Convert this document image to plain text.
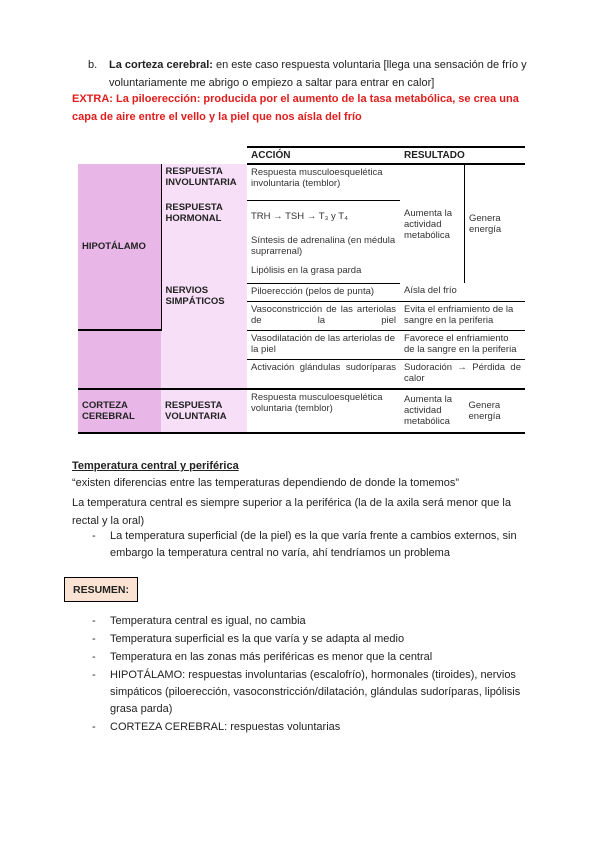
b. La corteza cerebral: en este caso respuesta voluntaria [llega una sensación de frío y voluntariamente me abrigo o empiezo a saltar para entrar en calor]
EXTRA: La piloerección: producida por el aumento de la tasa metabólica, se crea una capa de aire entre el vello y la piel que nos aísla del frío
		ACCIÓN	RESULTADO	
HIPOTÁLAMO	RESPUESTA INVOLUNTARIA	Respuesta musculoesquelética involuntaria (temblor)	Aumenta la actividad metabólica	Genera energía
	RESPUESTA HORMONAL	TRH → TSH → T₃ y T₄		
		Síntesis de adrenalina (en médula suprarrenal)		
	NERVIOS SIMPÁTICOS	Lipólisis en la grasa parda		
		Piloerección (pelos de punta)	Aísla del frío	
		Vasoconstricción de las arteriolas de la piel	Evita el enfriamiento de la sangre en la periferia	
		Vasodilatación de las arteriolas de la piel	Favorece el enfriamiento de la sangre en la periferia	
		Activación glándulas sudoríparas	Sudoración → Pérdida de calor	
CORTEZA CEREBRAL	RESPUESTA VOLUNTARIA	Respuesta musculoesquelética voluntaria (temblor)	Aumenta la actividad metabólica	Genera energía
Temperatura central y periférica
“existen diferencias entre las temperaturas dependiendo de donde la tomemos”
La temperatura central es siempre superior a la periférica (la de la axila será menor que la rectal y la oral)
- La temperatura superficial (de la piel) es la que varía frente a cambios externos, sin embargo la temperatura central no varía, ahí tendríamos un problema
RESUMEN:
- Temperatura central es igual, no cambia
- Temperatura superficial es la que varía y se adapta al medio
- Temperatura en las zonas más periféricas es menor que la central
- HIPOTÁLAMO: respuestas involuntarias (escalofrío), hormonales (tiroides), nervios simpáticos (piloerección, vasoconstricción/dilatación, glándulas sudoríparas, lipólisis grasa parda)
- CORTEZA CEREBRAL: respuestas voluntarias
